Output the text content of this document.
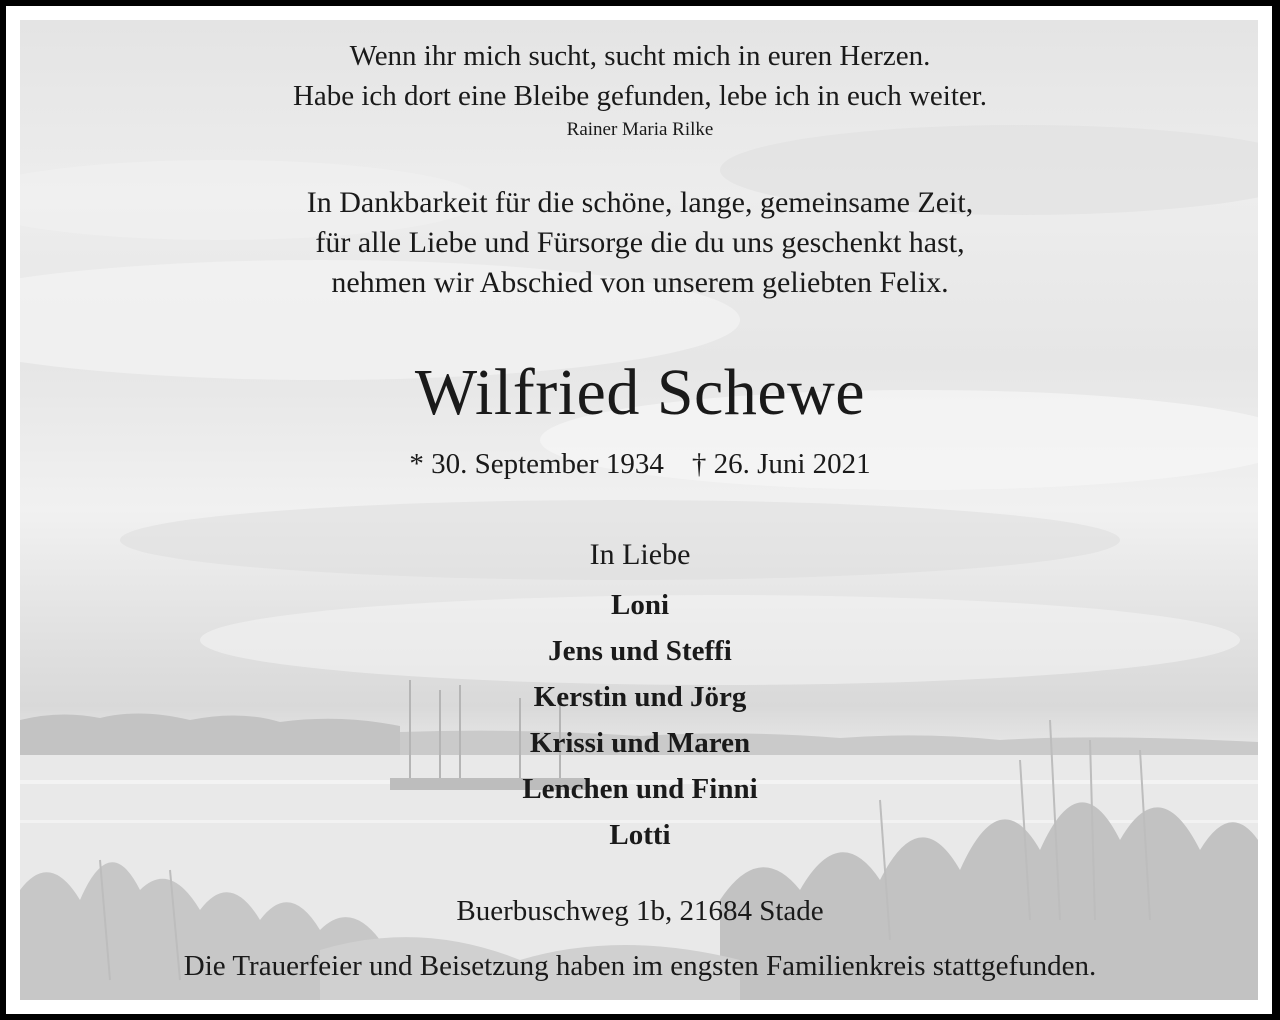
Wenn ihr mich sucht, sucht mich in euren Herzen.
Habe ich dort eine Bleibe gefunden, lebe ich in euch weiter.
Rainer Maria Rilke
In Dankbarkeit für die schöne, lange, gemeinsame Zeit,
für alle Liebe und Fürsorge die du uns geschenkt hast,
nehmen wir Abschied von unserem geliebten Felix.
Wilfried Schewe
* 30. September 1934 † 26. Juni 2021
In Liebe
Loni
Jens und Steffi
Kerstin und Jörg
Krissi und Maren
Lenchen und Finni
Lotti
Buerbuschweg 1b, 21684 Stade
Die Trauerfeier und Beisetzung haben im engsten Familienkreis stattgefunden.
